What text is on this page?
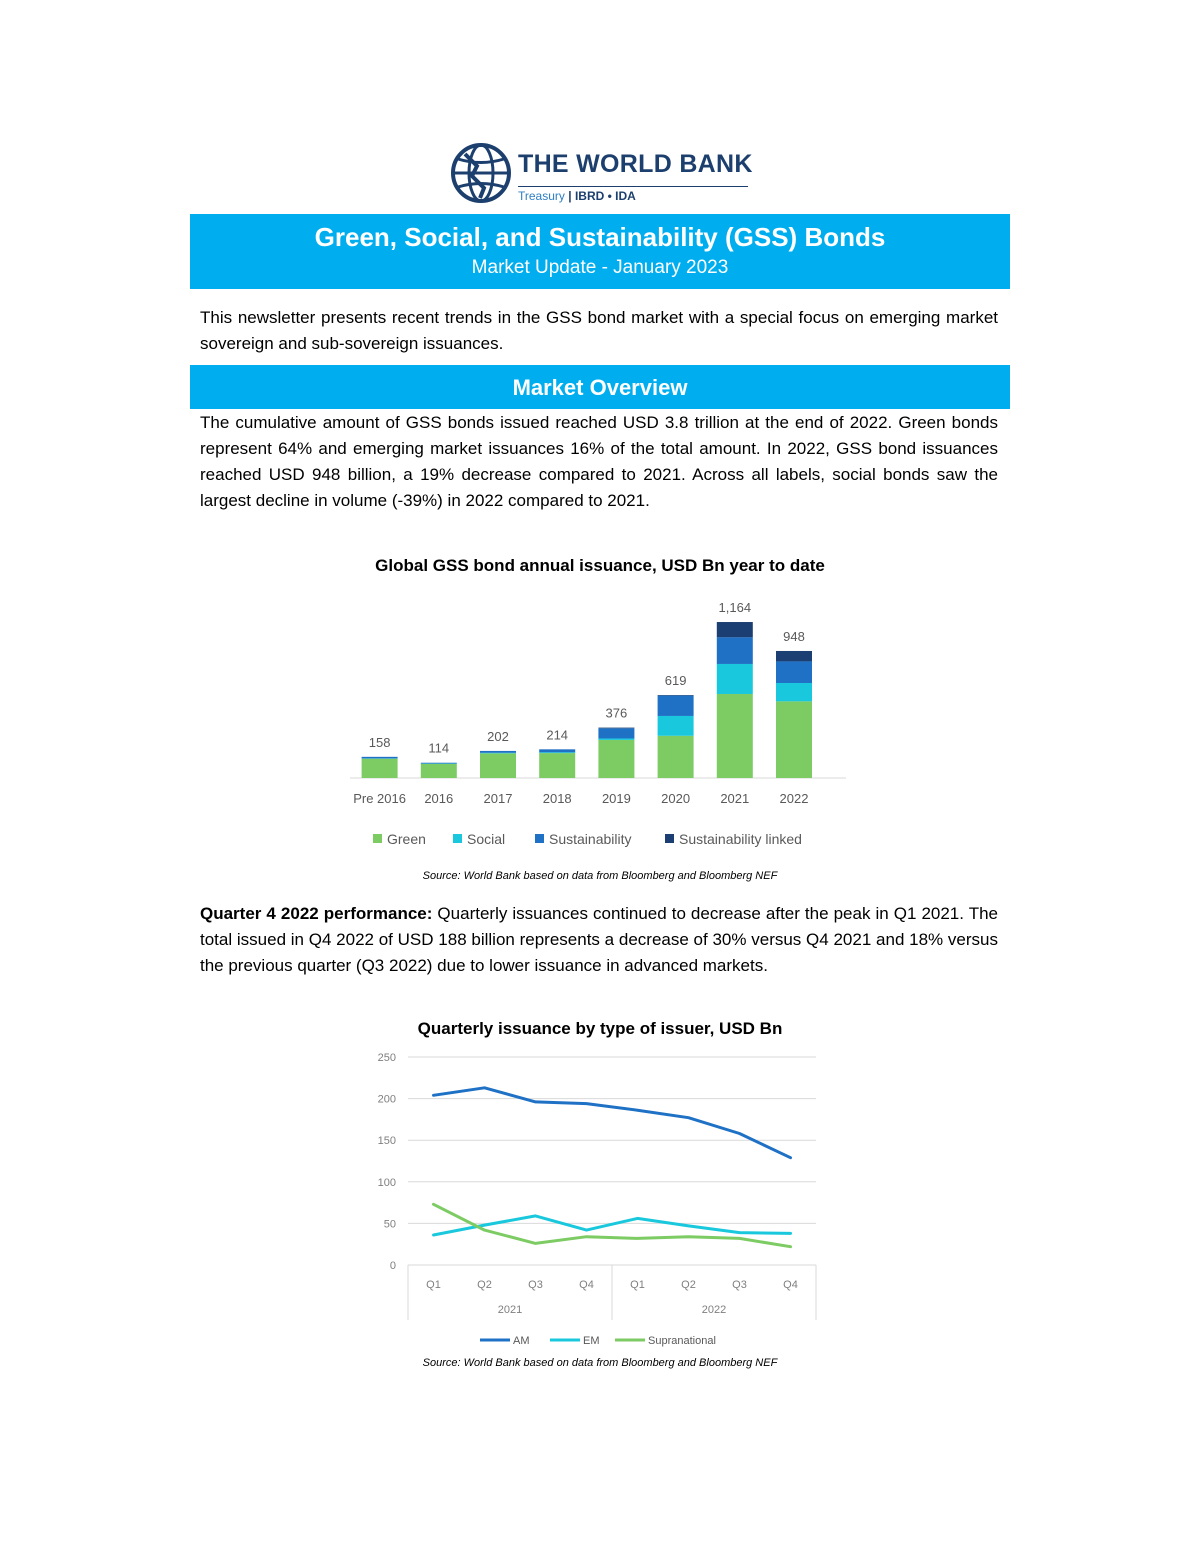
THE WORLD BANK
Treasury | IBRD • IDA
Green, Social, and Sustainability (GSS) Bonds
Market Update - January 2023
This newsletter presents recent trends in the GSS bond market with a special focus on emerging market sovereign and sub-sovereign issuances.
Market Overview
The cumulative amount of GSS bonds issued reached USD 3.8 trillion at the end of 2022. Green bonds represent 64% and emerging market issuances 16% of the total amount. In 2022, GSS bond issuances reached USD 948 billion, a 19% decrease compared to 2021. Across all labels, social bonds saw the largest decline in volume (-39%) in 2022 compared to 2021.
Global GSS bond annual issuance, USD Bn year to date
158
Pre 2016
114
2016
202
2017
214
2018
376
2019
619
2020
1,164
2021
948
2022
Green	Social	Sustainability	Sustainability linked
Source: World Bank based on data from Bloomberg and Bloomberg NEF
Quarter 4 2022 performance: Quarterly issuances continued to decrease after the peak in Q1 2021. The total issued in Q4 2022 of USD 188 billion represents a decrease of 30% versus Q4 2021 and 18% versus the previous quarter (Q3 2022) due to lower issuance in advanced markets.
Quarterly issuance by type of issuer, USD Bn
0
50
100
150
200
250
Q1	Q2	Q3	Q4	Q1	Q2	Q3	Q4
2021	2022
AM	EM	Supranational
Source: World Bank based on data from Bloomberg and Bloomberg NEF
